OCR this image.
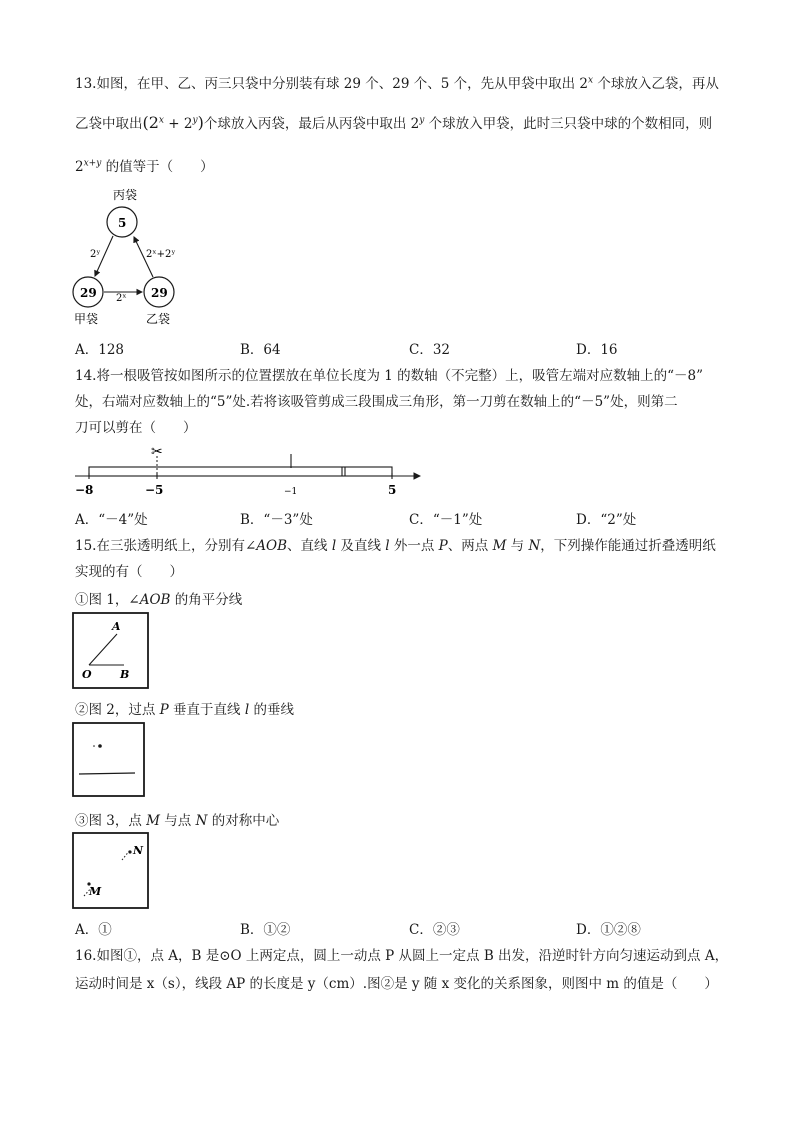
13.如图，在甲、乙、丙三只袋中分别装有球 29 个、29 个、5 个，先从甲袋中取出 2$^x$ 个球放入乙袋，再从
乙袋中取出$(2^x + 2^y)$个球放入丙袋，最后从丙袋中取出 2$^y$ 个球放入甲袋，此时三只袋中球的个数相同，则
$2^{x+y}$ 的值等于（　　）
丙袋
5
29	29
甲袋	乙袋
2ʸ	2ˣ+2ʸ
2ˣ
A．128	B．64	C．32	D．16
14.将一根吸管按如图所示的位置摆放在单位长度为 1 的数轴（不完整）上，吸管左端对应数轴上的“－8”
处，右端对应数轴上的“5”处.若将该吸管剪成三段围成三角形，第一刀剪在数轴上的“－5”处，则第二
刀可以剪在（　　）
✂
−8	−5	−1	5
A．“－4”处	B．“－3”处	C．“－1”处	D．“2”处
15.在三张透明纸上，分别有∠AOB、直线 l 及直线 l 外一点 P、两点 M 与 N，下列操作能通过折叠透明纸
实现的有（　　）
①图 1，∠AOB 的角平分线
A
O	B
②图 2，过点 P 垂直于直线 l 的垂线
③图 3，点 M 与点 N 的对称中心
N
M
A．①	B．①②	C．②③	D．①②⑧
16.如图①，点 A，B 是⊙O 上两定点，圆上一动点 P 从圆上一定点 B 出发，沿逆时针方向匀速运动到点 A，
运动时间是 x（s），线段 AP 的长度是 y（cm）.图②是 y 随 x 变化的关系图象，则图中 m 的值是（　　）
